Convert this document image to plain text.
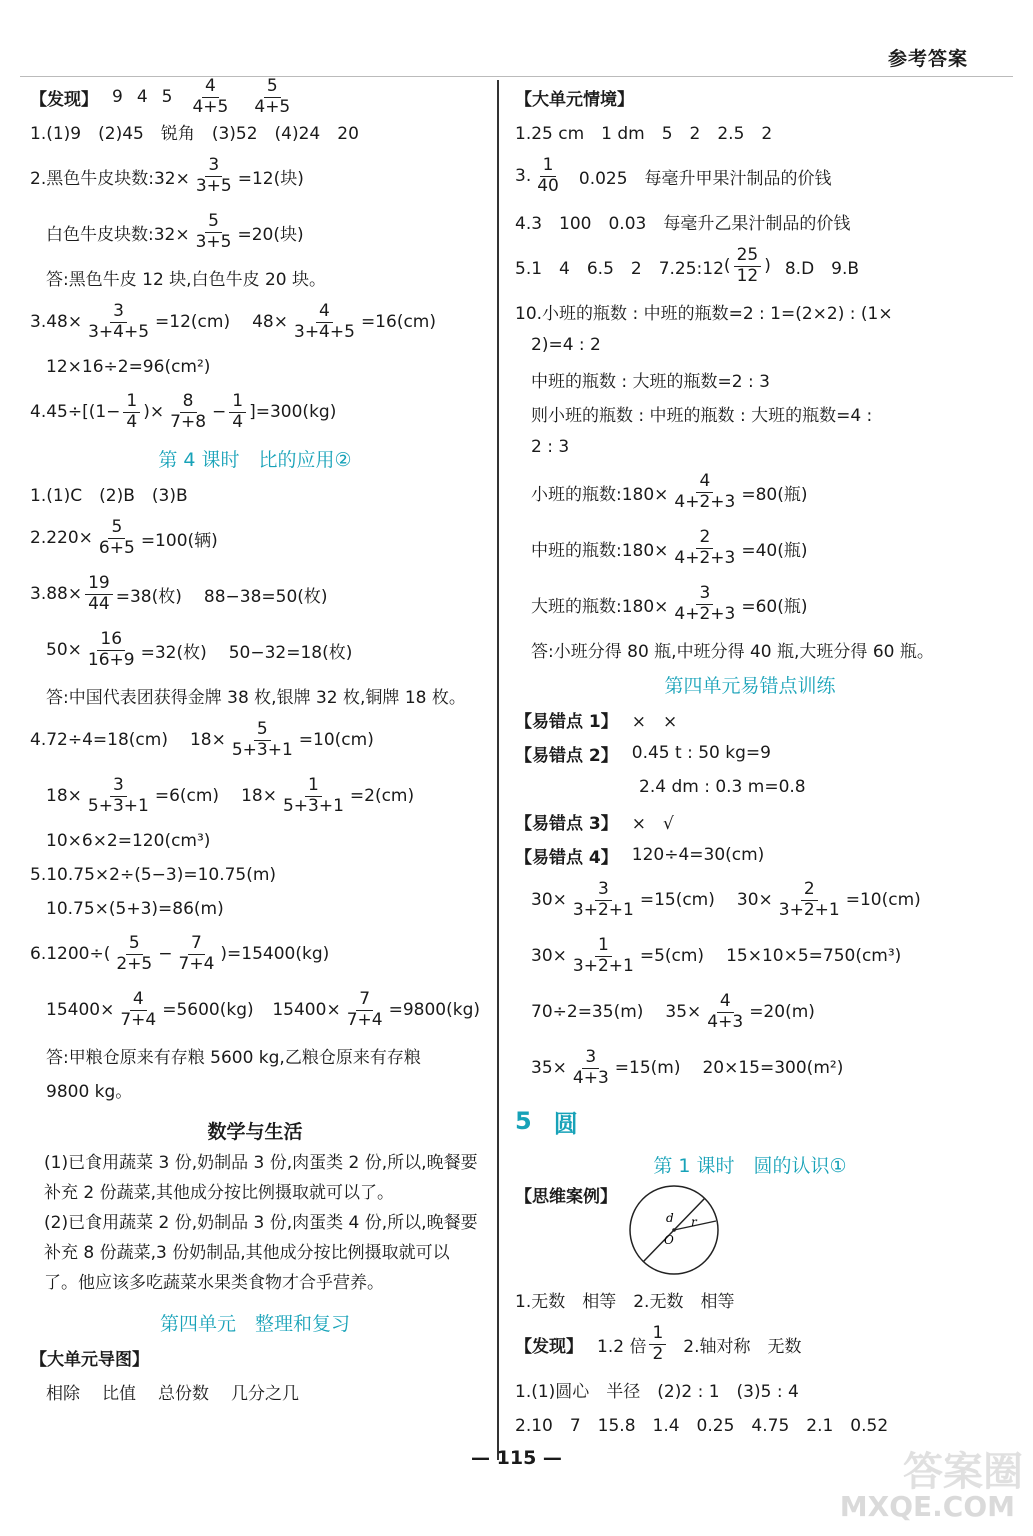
参考答案
【发现】 9 4 $5 \frac{4}{4+5} \frac{5}{4+5}$
1.(1)9　(2)45　锐角　(3)52　(4)24　20
2.黑色牛皮块数:32× $\frac{3}{3+5} =12$(块)
白色牛皮块数:32× $\frac{5}{3+5} =20$(块)
答:黑色牛皮 12 块,白色牛皮 20 块。
$3.48\times \frac{3}{3+4+5} =12(cm)$ $48\times \frac{4}{3+4+5} =16(cm)$
12×16÷2=96(cm²)
$4.45\div[(1- \frac{1}{4}$ )× $\frac{8}{7+8} - \frac{1}{4} ]=300(kg)$
第 4 课时　比的应用②
1.(1)C　(2)B　(3)B
$2.220\times \frac{5}{6+5} =100$(辆)
$3.88\times \frac{19}{44} =38$(枚) 88−38=50(枚)
$50\times \frac{16}{16+9} =32$(枚) 50−32=18(枚)
答:中国代表团获得金牌 38 枚,银牌 32 枚,铜牌 18 枚。
4.72÷4=18(cm) $18\times \frac{5}{5+3+1} =10(cm)$
$18\times \frac{3}{5+3+1} =6(cm)$ $18\times \frac{1}{5+3+1} =2(cm)$
10×6×2=120(cm³)
5.10.75×2÷(5−3)=10.75(m)
10.75×(5+3)=86(m)
$6.1200\div( \frac{5}{2+5} - \frac{7}{7+4} )=15400(kg)$
$15400\times \frac{4}{7+4} =5600(kg)$ $15400\times \frac{7}{7+4} =9800(kg)$
答:甲粮仓原来有存粮 5600 kg,乙粮仓原来有存粮
9800 kg。
数学与生活
(1)已食用蔬菜 3 份,奶制品 3 份,肉蛋类 2 份,所以,晚餐要补充 2 份蔬菜,其他成分按比例摄取就可以了。
(2)已食用蔬菜 2 份,奶制品 3 份,肉蛋类 4 份,所以,晚餐要补充 8 份蔬菜,3 份奶制品,其他成分按比例摄取就可以了。他应该多吃蔬菜水果类食物才合乎营养。
第四单元　整理和复习
【大单元导图】
相除 比值 总份数 几分之几
【大单元情境】
1.25 cm　1 dm　5　2　2.5　2
3. $\frac{1}{40} 0.025$　每毫升甲果汁制品的价钱
4.3　100　0.03　每毫升乙果汁制品的价钱
5.1　4　6.5　2　7.25:12 ( $\frac{25}{12}$ ) 8.D　9.B
10.小班的瓶数 : 中班的瓶数=2 : 1=(2×2) : (1×
2)=4 : 2
中班的瓶数 : 大班的瓶数=2 : 3
则小班的瓶数 : 中班的瓶数 : 大班的瓶数=4 :
2 : 3
小班的瓶数:180× $\frac{4}{4+2+3} =80$(瓶)
中班的瓶数:180× $\frac{2}{4+2+3} =40$(瓶)
大班的瓶数:180× $\frac{3}{4+2+3} =60$(瓶)
答:小班分得 80 瓶,中班分得 40 瓶,大班分得 60 瓶。
第四单元易错点训练
【易错点 1】 ×　×
【易错点 2】 0.45 t : 50 kg=9
2.4 dm : 0.3 m=0.8
【易错点 3】 ×　√
【易错点 4】 120÷4=30(cm)
$30\times \frac{3}{3+2+1} =15(cm)$ $30\times \frac{2}{3+2+1} =10(cm)$
$30\times \frac{1}{3+2+1} =5(cm)$ 15×10×5=750(cm³)
70÷2=35(m) $35\times \frac{4}{4+3} =20(m)$
$35\times \frac{3}{4+3} =15(m)$ 20×15=300(m²)
5 圆
第 1 课时　圆的认识①
【思维案例】
d r
O
1.无数　相等　2.无数　相等
【发现】 1.2 倍 $\frac{1}{2} 2$.轴对称　无数
1.(1)圆心　半径　(2)2 : 1　(3)5 : 4
2.10　7　15.8　1.4　0.25　4.75　2.1　0.52
— 115 —	答案圈
MXQE.COM
